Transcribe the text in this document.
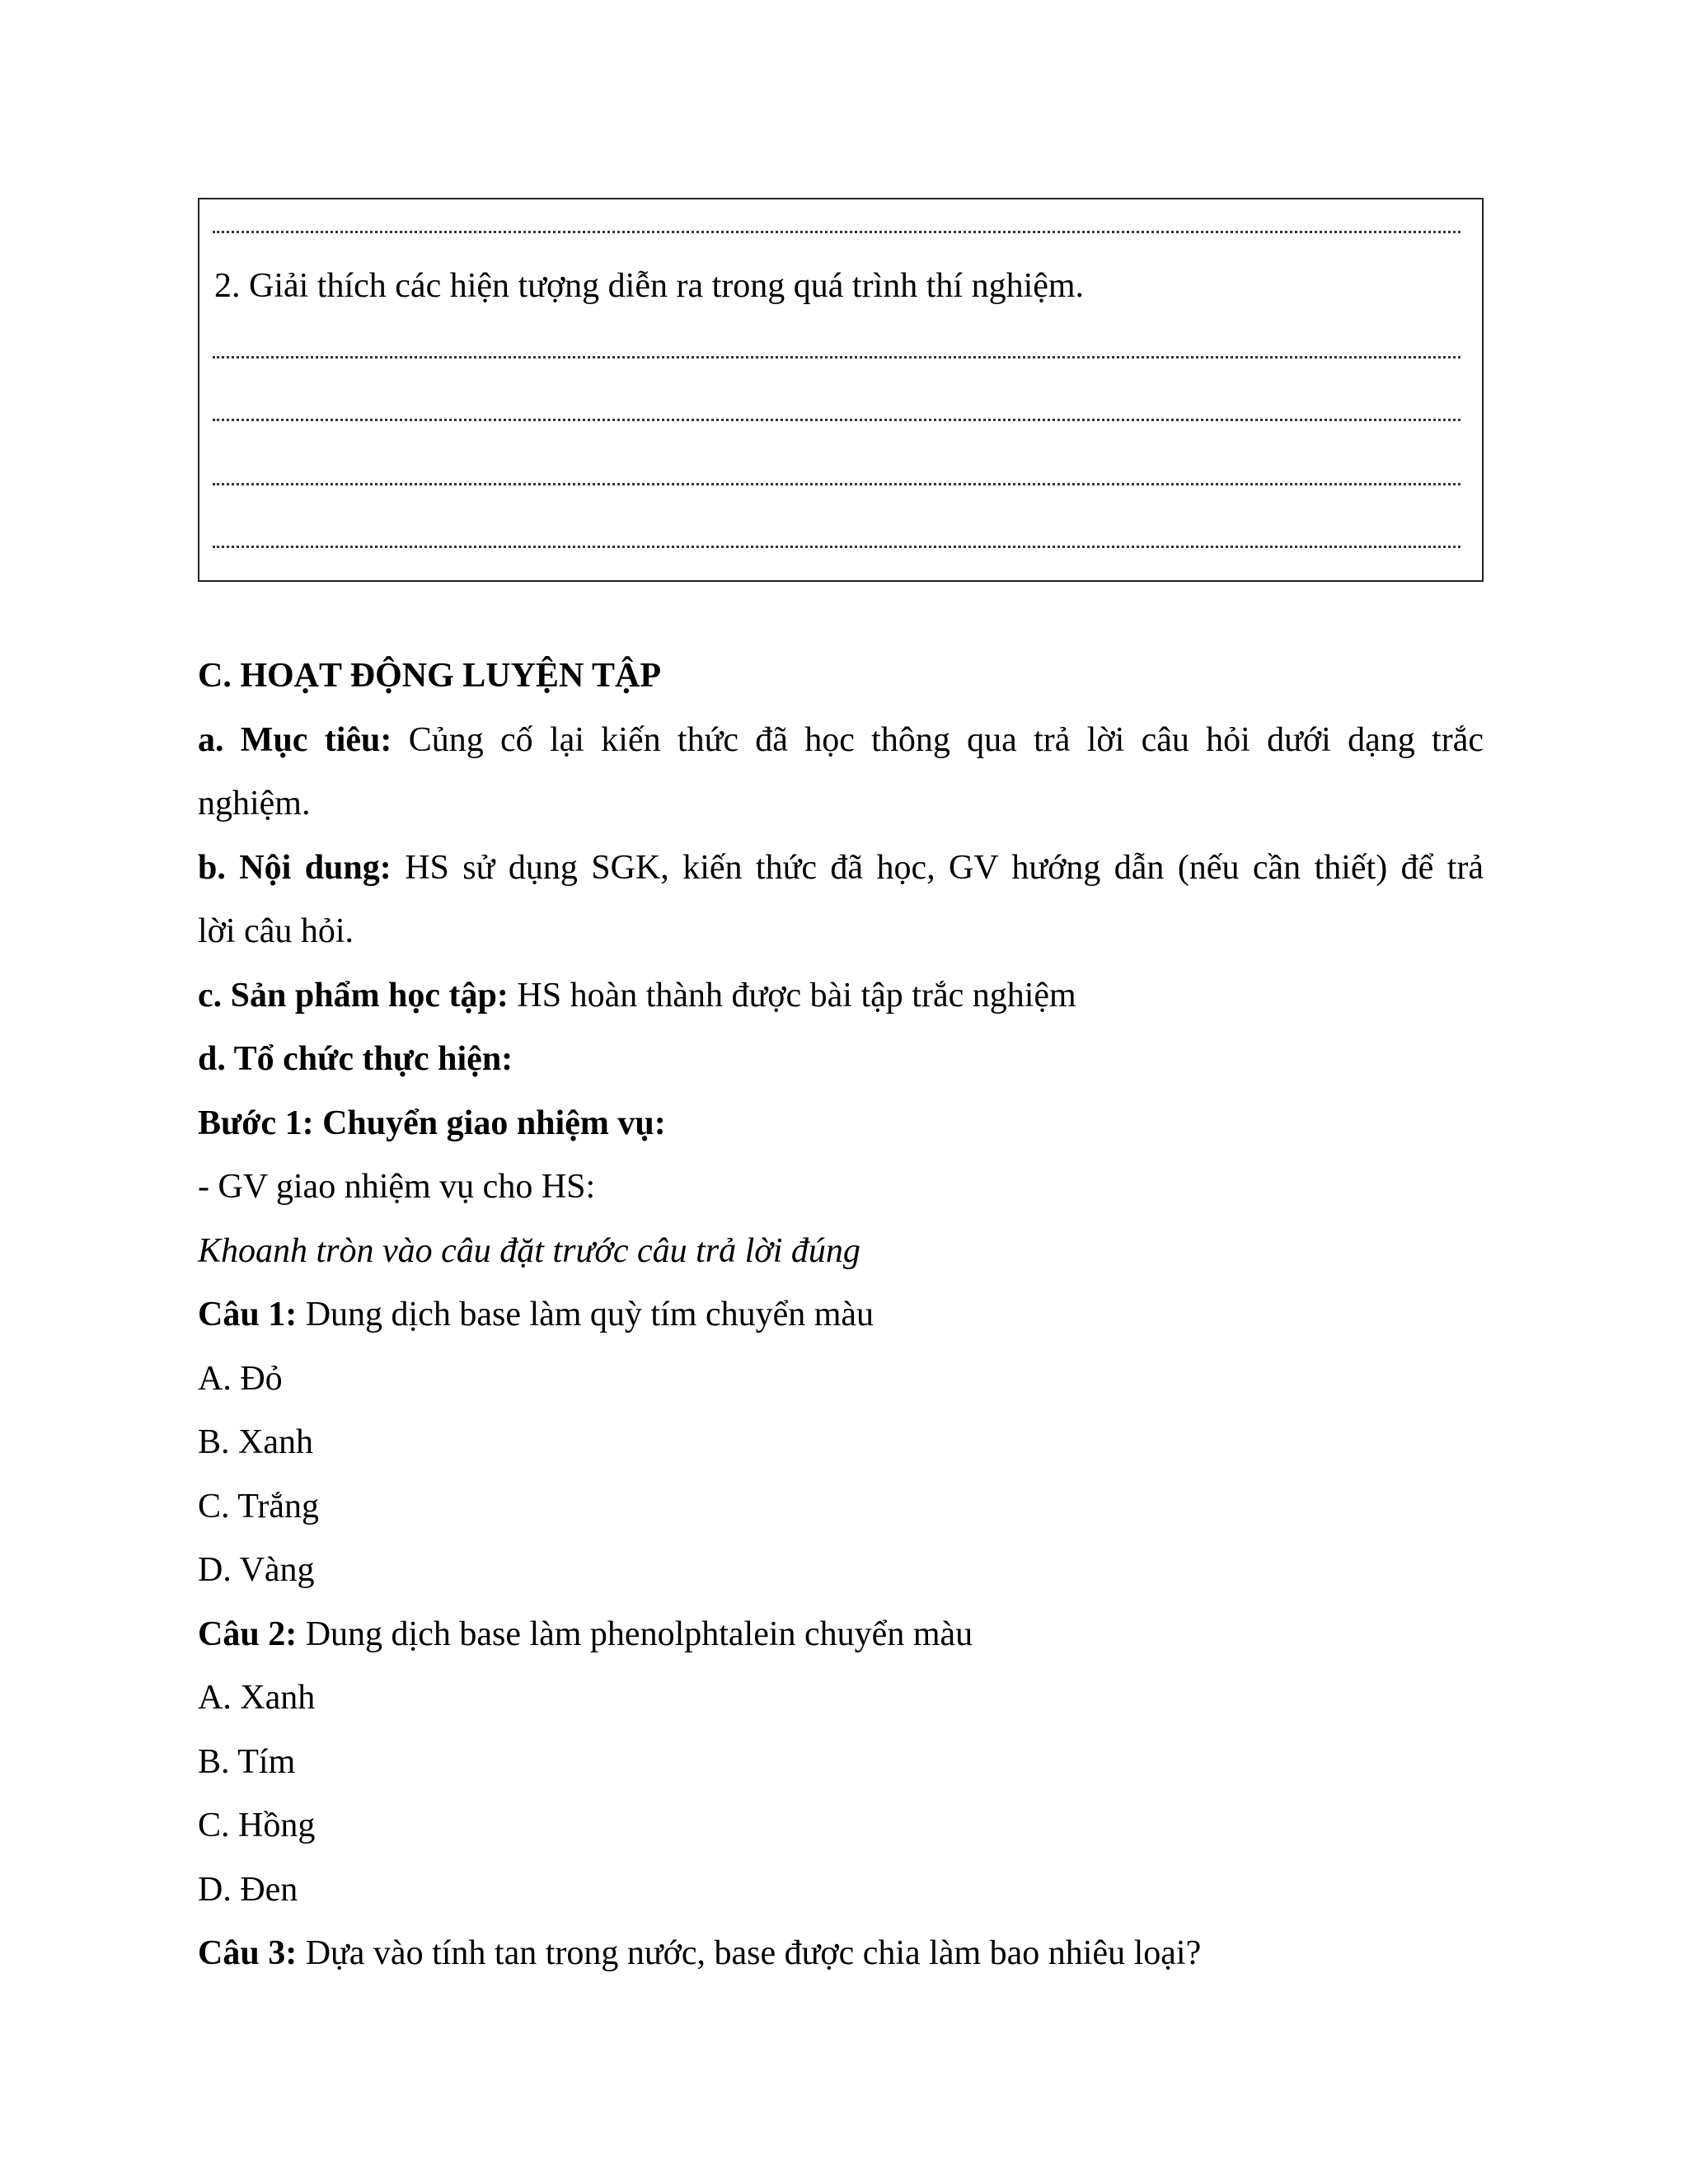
2. Giải thích các hiện tượng diễn ra trong quá trình thí nghiệm.
C. HOẠT ĐỘNG LUYỆN TẬP
a. Mục tiêu: Củng cố lại kiến thức đã học thông qua trả lời câu hỏi dưới dạng trắc
nghiệm.
b. Nội dung: HS sử dụng SGK, kiến thức đã học, GV hướng dẫn (nếu cần thiết) để trả
lời câu hỏi.
c. Sản phẩm học tập: HS hoàn thành được bài tập trắc nghiệm
d. Tổ chức thực hiện:
Bước 1: Chuyển giao nhiệm vụ:
- GV giao nhiệm vụ cho HS:
Khoanh tròn vào câu đặt trước câu trả lời đúng
Câu 1: Dung dịch base làm quỳ tím chuyển màu
A. Đỏ
B. Xanh
C. Trắng
D. Vàng
Câu 2: Dung dịch base làm phenolphtalein chuyển màu
A. Xanh
B. Tím
C. Hồng
D. Đen
Câu 3: Dựa vào tính tan trong nước, base được chia làm bao nhiêu loại?
